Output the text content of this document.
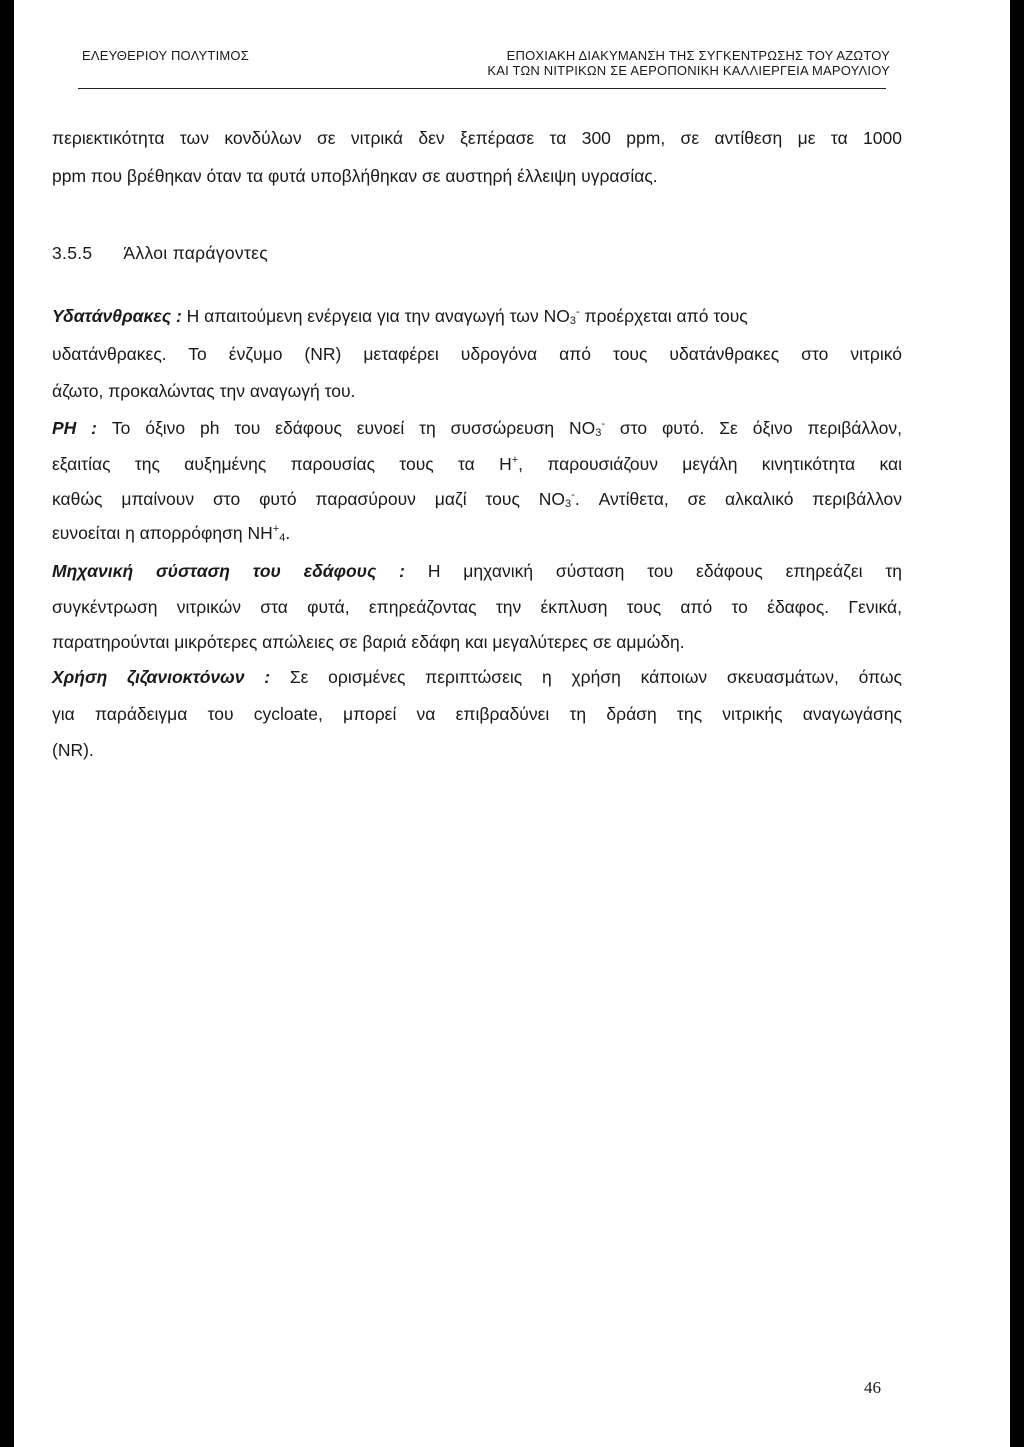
ΕΛΕΥΘΕΡΙΟΥ ΠΟΛΥΤΙΜΟΣ	ΕΠΟΧΙΑΚΗ ΔΙΑΚΥΜΑΝΣΗ ΤΗΣ ΣΥΓΚΕΝΤΡΩΣΗΣ ΤΟΥ ΑΖΩΤΟΥ
ΚΑΙ ΤΩΝ ΝΙΤΡΙΚΩΝ ΣΕ ΑΕΡΟΠΟΝΙΚΗ ΚΑΛΛΙΕΡΓΕΙΑ ΜΑΡΟΥΛΙΟΥ
περιεκτικότητα των κονδύλων σε νιτρικά δεν ξεπέρασε τα 300 ppm, σε αντίθεση με τα 1000
ppm που βρέθηκαν όταν τα φυτά υποβλήθηκαν σε αυστηρή έλλειψη υγρασίας.
3.5.5 Άλλοι παράγοντες
Υδατάνθρακες : Η απαιτούμενη ενέργεια για την αναγωγή των $NO_3^-$ προέρχεται από τους
υδατάνθρακες. Το ένζυμο (NR) μεταφέρει υδρογόνα από τους υδατάνθρακες στο νιτρικό
άζωτο, προκαλώντας την αναγωγή του.
PH : Το όξινο ph του εδάφους ευνοεί τη συσσώρευση $NO_3^-$ στο φυτό. Σε όξινο περιβάλλον,
εξαιτίας της αυξημένης παρουσίας τους τα H+, παρουσιάζουν μεγάλη κινητικότητα και
καθώς μπαίνουν στο φυτό παρασύρουν μαζί τους $NO_3^-$. Αντίθετα, σε αλκαλικό περιβάλλον
ευνοείται η απορρόφηση $NH^+_4$.
Μηχανική σύσταση του εδάφους : Η μηχανική σύσταση του εδάφους επηρεάζει τη
συγκέντρωση νιτρικών στα φυτά, επηρεάζοντας την έκπλυση τους από το έδαφος. Γενικά,
παρατηρούνται μικρότερες απώλειες σε βαριά εδάφη και μεγαλύτερες σε αμμώδη.
Χρήση ζιζανιοκτόνων : Σε ορισμένες περιπτώσεις η χρήση κάποιων σκευασμάτων, όπως
για παράδειγμα του cycloate, μπορεί να επιβραδύνει τη δράση της νιτρικής αναγωγάσης
(NR).
46
